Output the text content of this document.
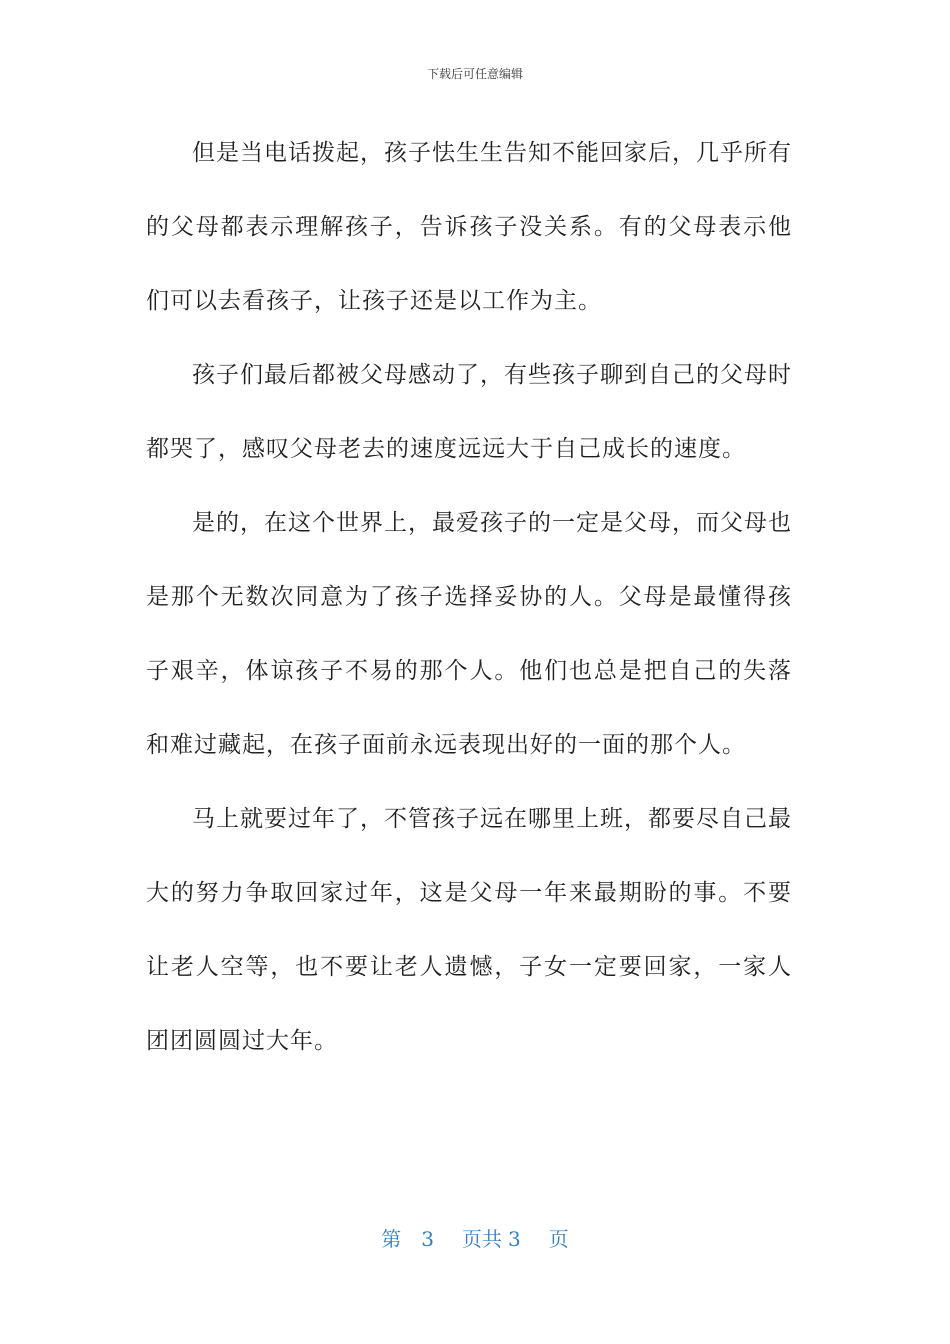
下载后可任意编辑

但是当电话拨起，孩子怯生生告知不能回家后，几乎所有的父母都表示理解孩子，告诉孩子没关系。有的父母表示他们可以去看孩子，让孩子还是以工作为主。

孩子们最后都被父母感动了，有些孩子聊到自己的父母时都哭了，感叹父母老去的速度远远大于自己成长的速度。

是的，在这个世界上，最爱孩子的一定是父母，而父母也是那个无数次同意为了孩子选择妥协的人。父母是最懂得孩子艰辛，体谅孩子不易的那个人。他们也总是把自己的失落和难过藏起，在孩子面前永远表现出好的一面的那个人。

马上就要过年了，不管孩子远在哪里上班，都要尽自己最大的努力争取回家过年，这是父母一年来最期盼的事。不要让老人空等，也不要让老人遗憾，子女一定要回家，一家人团团圆圆过大年。

第 3 页共 3 页
